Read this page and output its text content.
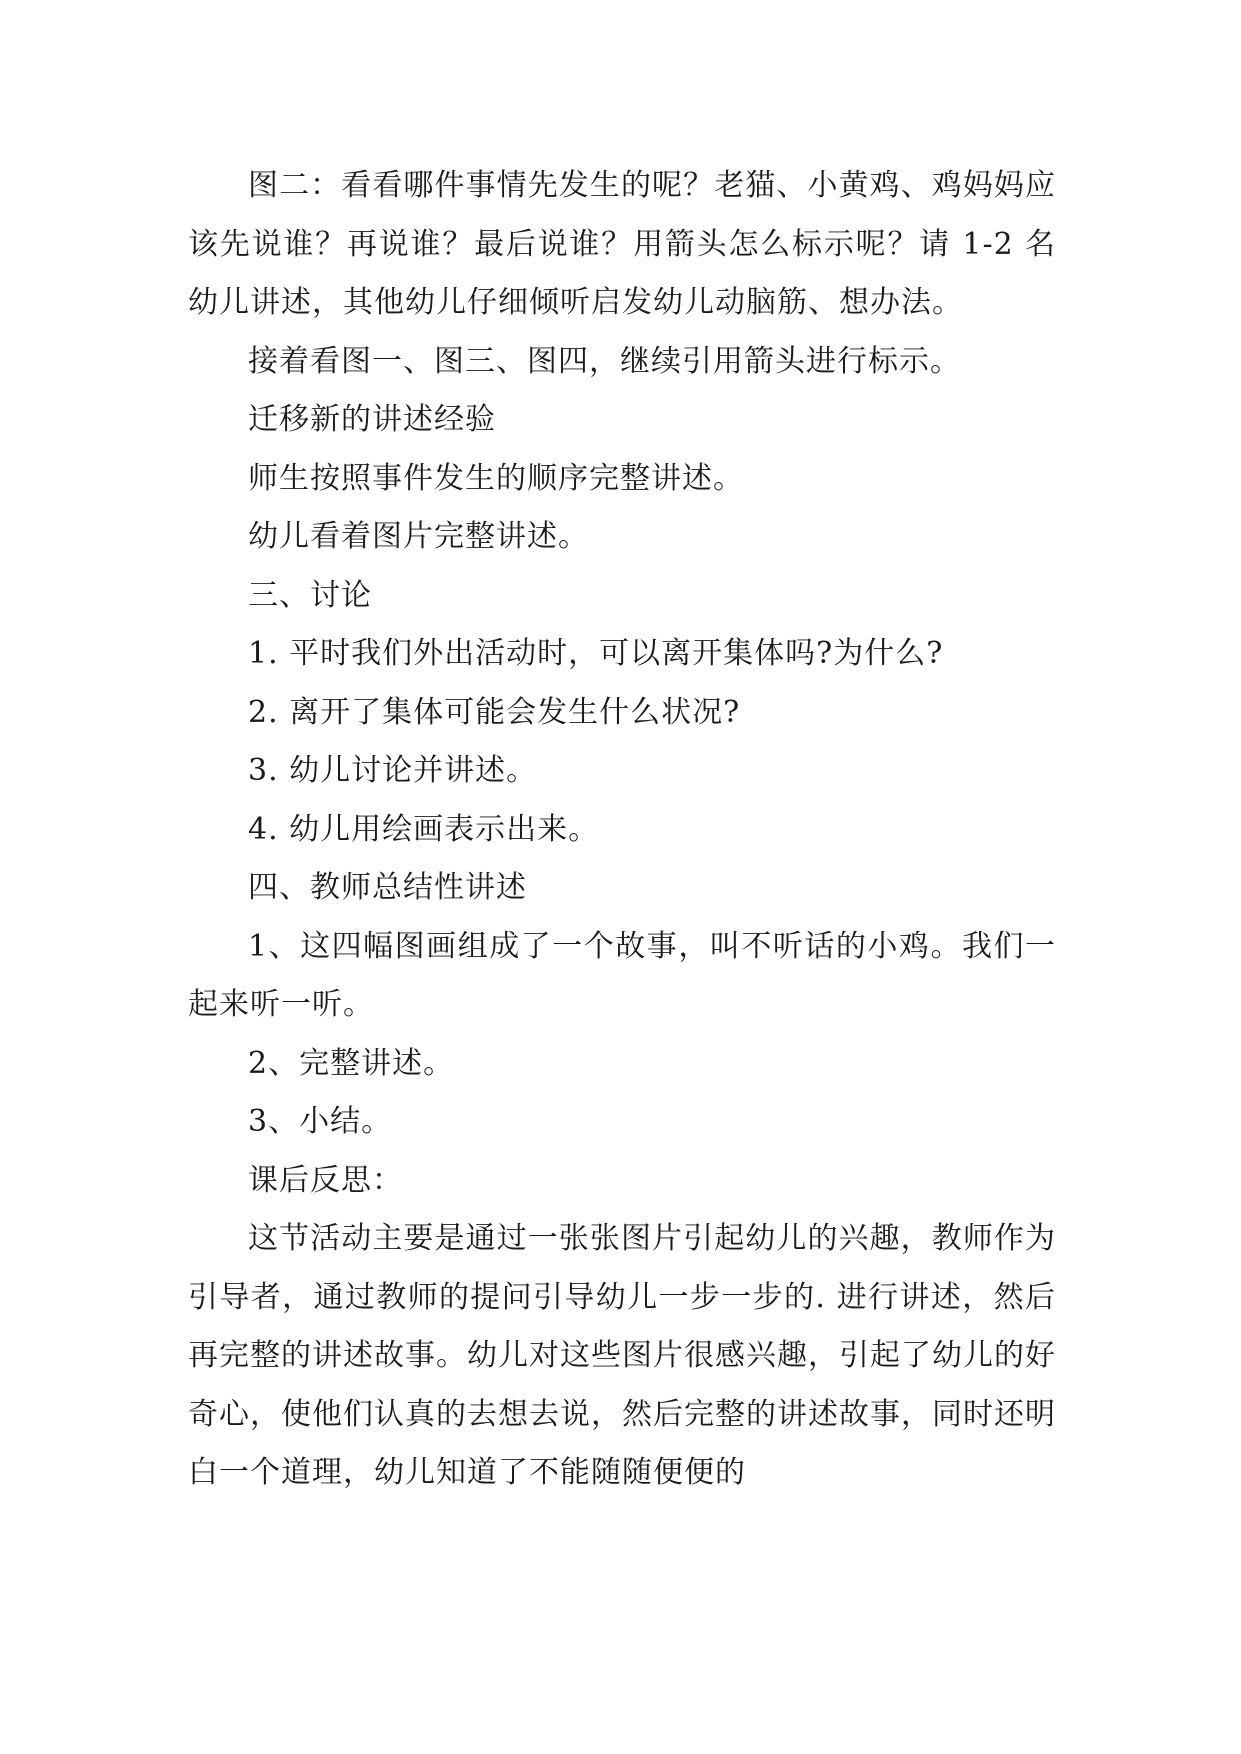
图二：看看哪件事情先发生的呢？老猫、小黄鸡、鸡妈妈应该先说谁？再说谁？最后说谁？用箭头怎么标示呢？请 1-2 名幼儿讲述，其他幼儿仔细倾听启发幼儿动脑筋、想办法。

接着看图一、图三、图四，继续引用箭头进行标示。

迁移新的讲述经验

师生按照事件发生的顺序完整讲述。

幼儿看着图片完整讲述。

三、讨论

1. 平时我们外出活动时，可以离开集体吗?为什么?

2. 离开了集体可能会发生什么状况?

3. 幼儿讨论并讲述。

4. 幼儿用绘画表示出来。

四、教师总结性讲述

1、这四幅图画组成了一个故事，叫不听话的小鸡。我们一起来听一听。

2、完整讲述。

3、小结。

课后反思：

这节活动主要是通过一张张图片引起幼儿的兴趣，教师作为引导者，通过教师的提问引导幼儿一步一步的. 进行讲述，然后再完整的讲述故事。幼儿对这些图片很感兴趣，引起了幼儿的好奇心，使他们认真的去想去说，然后完整的讲述故事，同时还明白一个道理，幼儿知道了不能随随便便的
